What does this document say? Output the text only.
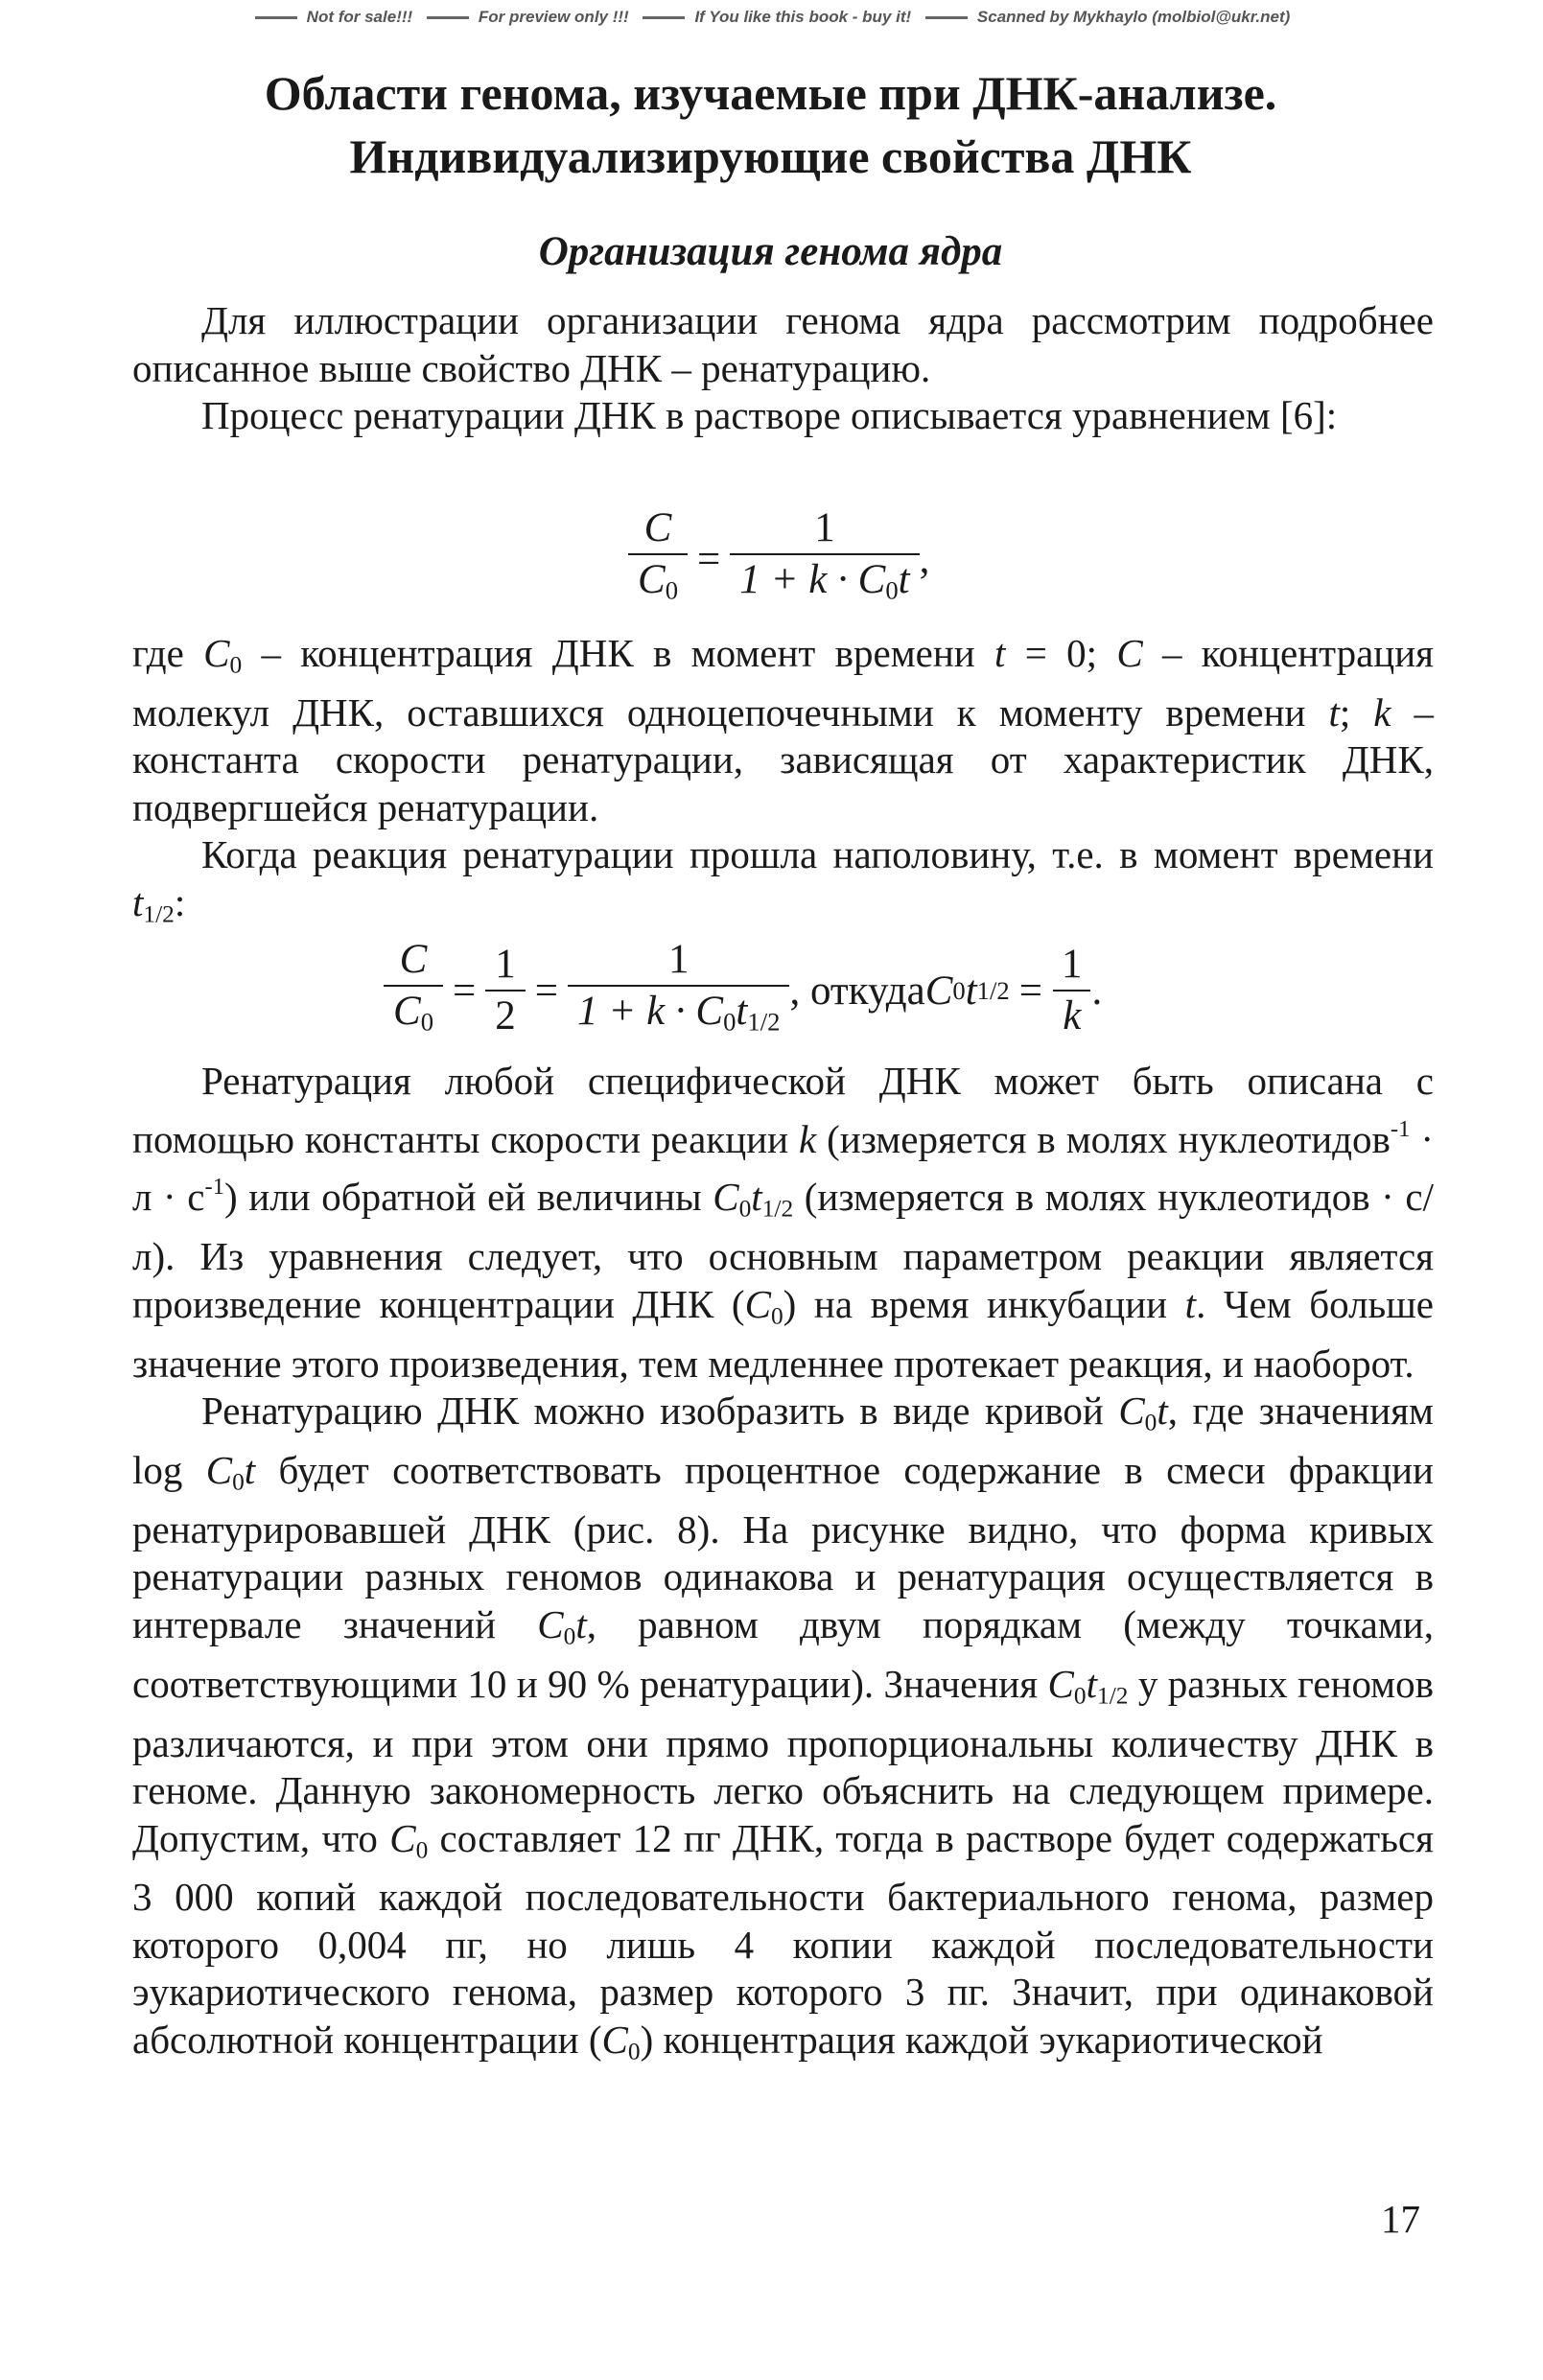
Not for sale!!!	For preview only !!!	If You like this book - buy it!	Scanned by Mykhaylo (molbiol@ukr.net)
Области генома, изучаемые при ДНК-анализе.
Индивидуализирующие свойства ДНК
Организация генома ядра

Для иллюстрации организации генома ядра рассмотрим подробнее описанное выше свойство ДНК – ренатурацию.

Процесс ренатурации ДНК в растворе описывается уравнением [6]:

$\frac{C}{C_0} = \frac{1}{1 + k \cdot C_0t}$ ,

где $C_0$ – концентрация ДНК в момент времени t = 0; C – концентрация молекул ДНК, оставшихся одноцепочечными к моменту времени t; k – константа скорости ренатурации, зависящая от характеристик ДНК, подвергшейся ренатурации.

Когда реакция ренатурации прошла наполовину, т.е. в момент времени $t_{1/2}$:

$\frac{C}{C_0} = \frac{1}{2} = \frac{1}{1 + k \cdot C_0t_{1/2}}$ , откуда C 0 t $1/2 = \frac{1}{k}$ .

Ренатурация любой специфической ДНК может быть описана с помощью константы скорости реакции k (измеряется в молях нуклеотидов$^{-1}$ · $л \cdot с^{-1}$) или обратной ей величины $C_0t_{1/2}$ (измеряется в молях нуклеотидов · с/л). Из уравнения следует, что основным параметром реакции является произведение концентрации ДНК $(C_0)$ на время инкубации t. Чем больше значение этого произведения, тем медленнее протекает реакция, и наоборот.

Ренатурацию ДНК можно изобразить в виде кривой $C_0t$, где значениям $\log C_0t$ будет соответствовать процентное содержание в смеси фракции ренатурировавшей ДНК (рис. 8). На рисунке видно, что форма кривых ренатурации разных геномов одинакова и ренатурация осуществляется в интервале значений $C_0t$, равном двум порядкам (между точками, соответствующими 10 и 90 % ренатурации). Значения $C_0t_{1/2}$ у разных геномов различаются, и при этом они прямо пропорциональны количеству ДНК в геноме. Данную закономерность легко объяснить на следующем примере. Допустим, что $C_0$ составляет 12 пг ДНК, тогда в растворе будет содержаться 3 000 копий каждой последовательности бактериального генома, размер которого 0,004 пг, но лишь 4 копии каждой последовательности эукариотического генома, размер которого 3 пг. Значит, при одинаковой абсолютной концентрации $(C_0)$ концентрация каждой эукариотической

17
